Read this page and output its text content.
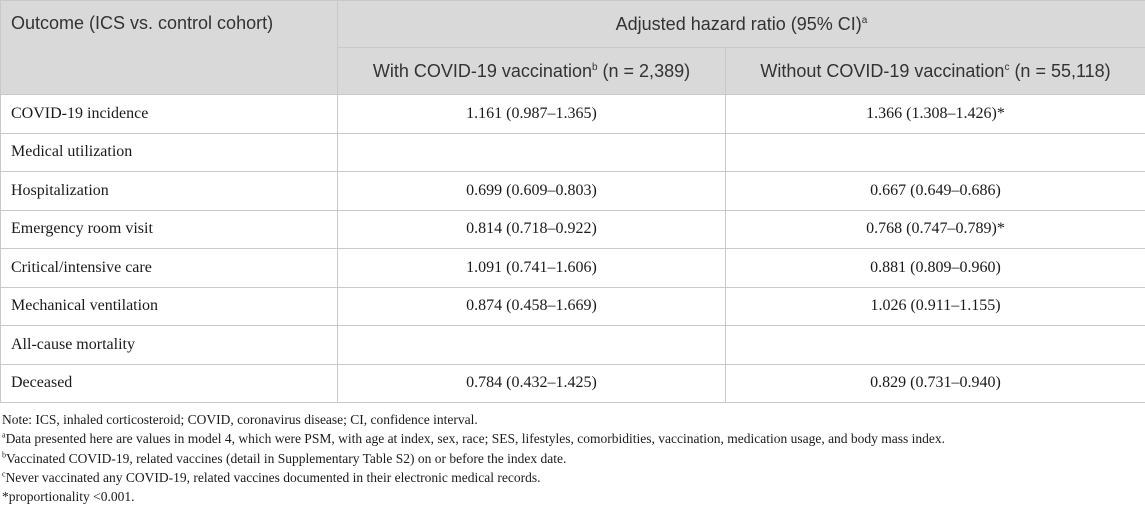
Outcome (ICS vs. control cohort)	Adjusted hazard ratio (95% CI)$^a$
	With COVID-19 vaccination$^b$ (n = 2,389)	Without COVID-19 vaccination$^c$ (n = 55,118)
COVID-19 incidence	1.161 (0.987–1.365)	1.366 (1.308–1.426)*
Medical utilization		
Hospitalization	0.699 (0.609–0.803)	0.667 (0.649–0.686)
Emergency room visit	0.814 (0.718–0.922)	0.768 (0.747–0.789)*
Critical/intensive care	1.091 (0.741–1.606)	0.881 (0.809–0.960)
Mechanical ventilation	0.874 (0.458–1.669)	1.026 (0.911–1.155)
All-cause mortality		
Deceased	0.784 (0.432–1.425)	0.829 (0.731–0.940)

Note: ICS, inhaled corticosteroid; COVID, coronavirus disease; CI, confidence interval.

$^a$Data presented here are values in model 4, which were PSM, with age at index, sex, race; SES, lifestyles, comorbidities, vaccination, medication usage, and body mass index.

$^b$Vaccinated COVID-19, related vaccines (detail in Supplementary Table S2) on or before the index date.

$^c$Never vaccinated any COVID-19, related vaccines documented in their electronic medical records.

*proportionality <0.001.
